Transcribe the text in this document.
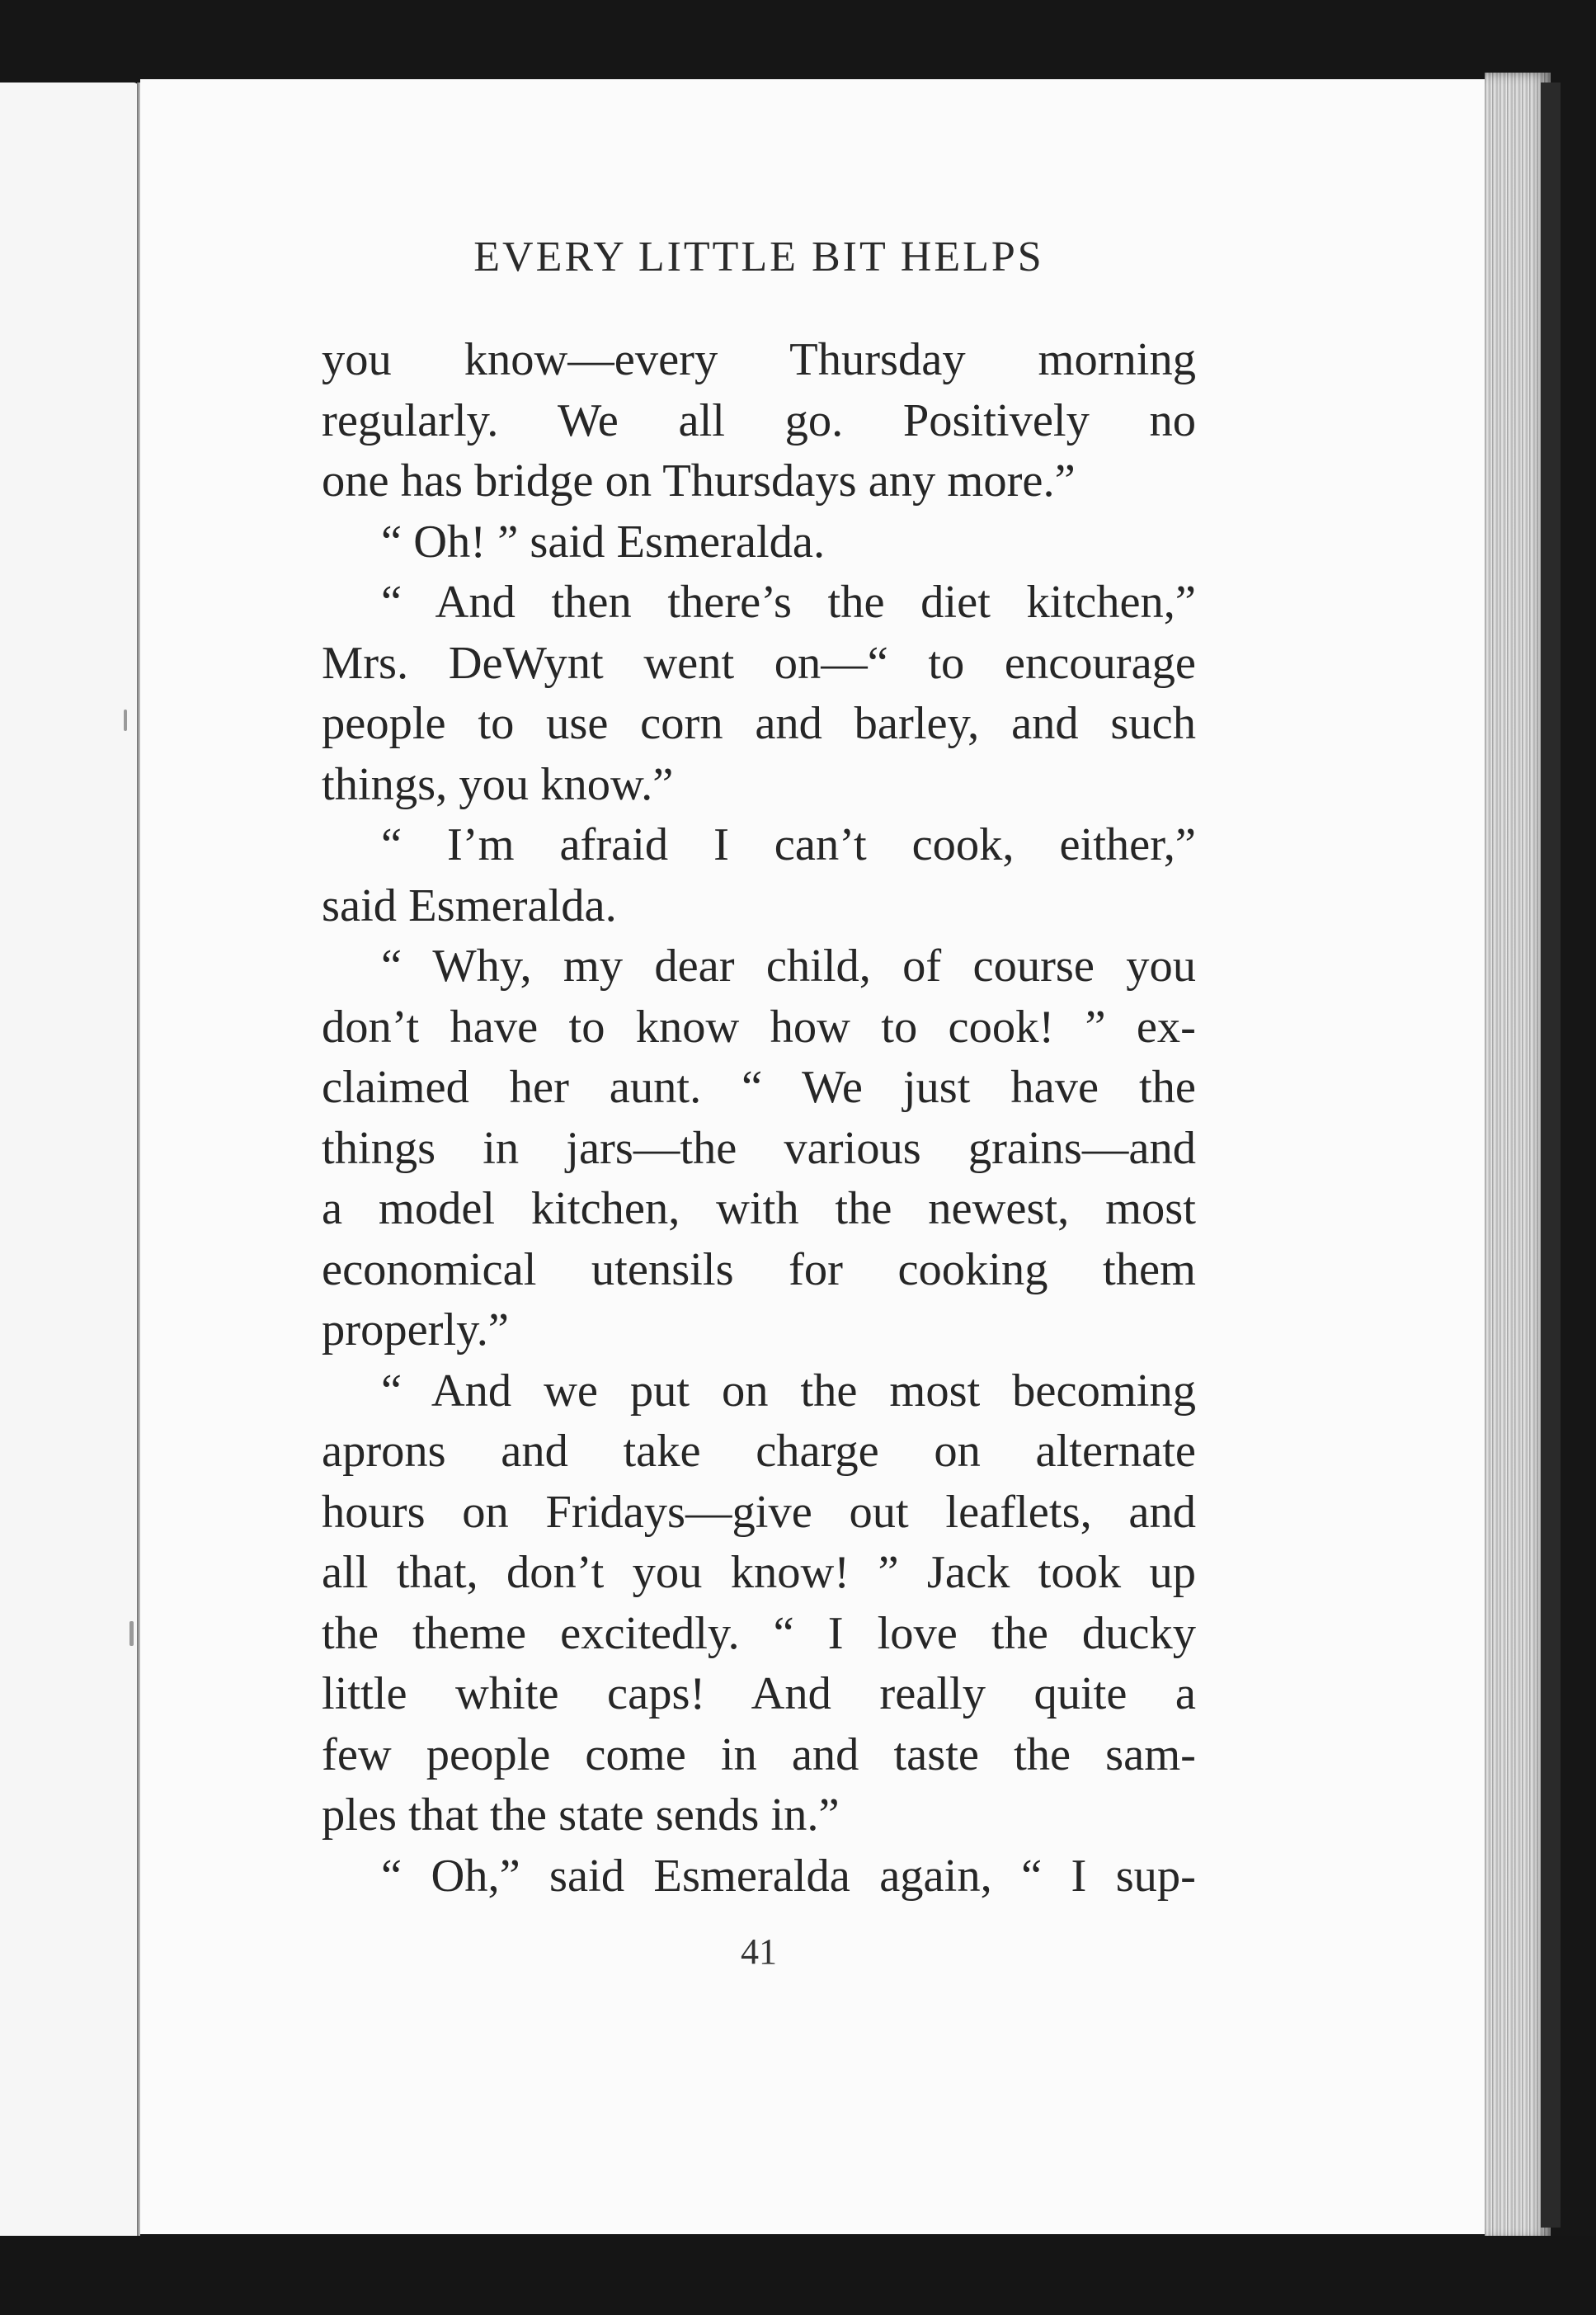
EVERY LITTLE BIT HELPS
you know—every Thursday morning
regularly. We all go. Positively no
one has bridge on Thursdays any more.”
“ Oh! ” said Esmeralda.
“ And then there’s the diet kitchen,”
Mrs. DeWynt went on—“ to encourage
people to use corn and barley, and such
things, you know.”
“ I’m afraid I can’t cook, either,”
said Esmeralda.
“ Why, my dear child, of course you
don’t have to know how to cook! ” ex-
claimed her aunt. “ We just have the
things in jars—the various grains—and
a model kitchen, with the newest, most
economical utensils for cooking them
properly.”
“ And we put on the most becoming
aprons and take charge on alternate
hours on Fridays—give out leaflets, and
all that, don’t you know! ” Jack took up
the theme excitedly. “ I love the ducky
little white caps! And really quite a
few people come in and taste the sam-
ples that the state sends in.”
“ Oh,” said Esmeralda again, “ I sup-
41
